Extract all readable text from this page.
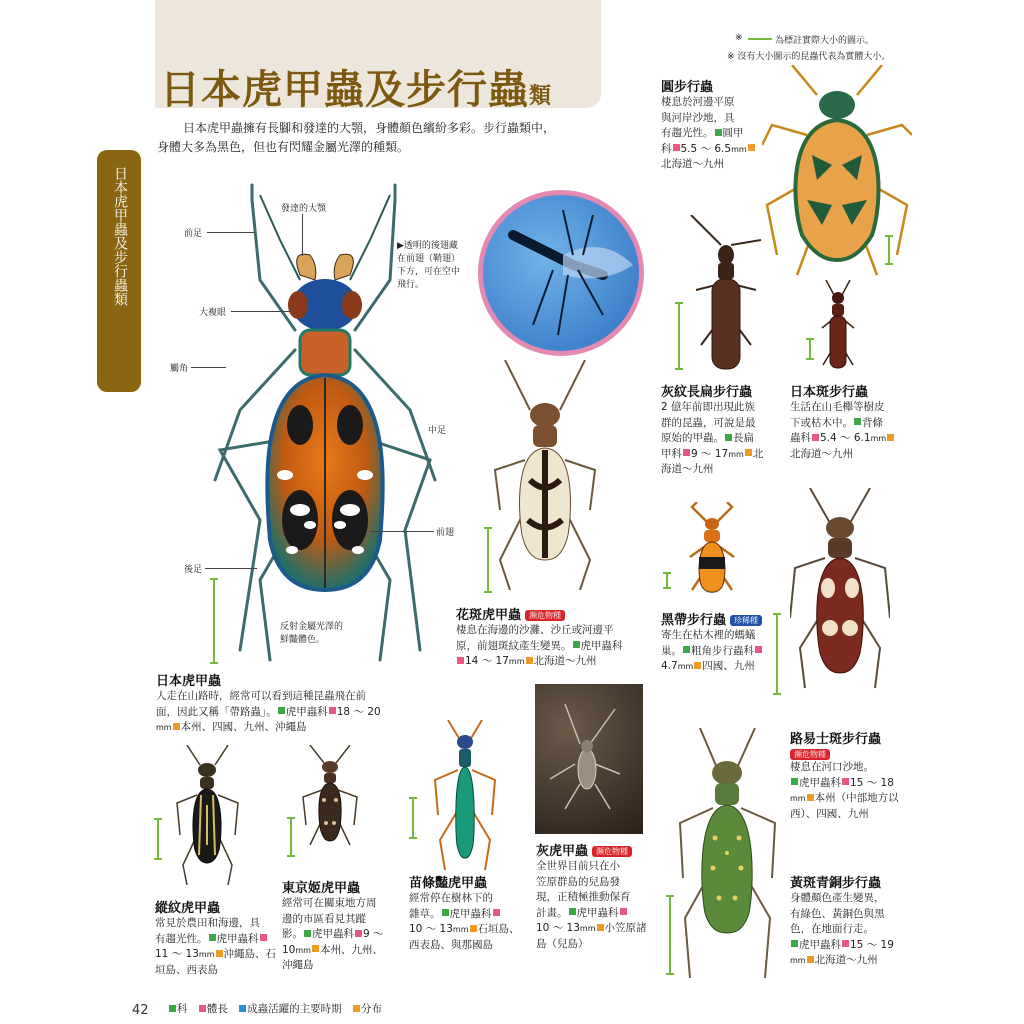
日本虎甲蟲及步行蟲類
日本虎甲蟲擁有長腳和發達的大顎，身體顏色繽紛多彩。步行蟲類中，
身體大多為黑色，但也有閃耀金屬光澤的種類。
日本虎甲蟲及步行蟲類
※	為標註實際大小的圖示。
※ 沒有大小圖示的昆蟲代表為實體大小。
發達的大顎
前足
大複眼
觸角
中足
前翅
後足
反射金屬光澤的
鮮豔體色。
▶透明的後翅藏
在前翅（鞘翅）
下方，可在空中
飛行。
日本虎甲蟲
人走在山路時，經常可以看到這種昆蟲飛在前
面，因此又稱「帶路蟲」。 虎甲蟲科 18 ～ 20
mm 本州、四國、九州、沖繩島
花斑虎甲蟲 瀕危物種
棲息在海邊的沙灘、沙丘或河邊平
原，前翅斑紋產生變異。 虎甲蟲科
14 ～ 17mm 北海道～九州
圓步行蟲
棲息於河邊平原
與河岸沙地，具
有趨光性。 圓甲
科 5.5 ～ 6.5mm
北海道～九州
灰紋長扁步行蟲
2 億年前即出現此族
群的昆蟲，可說是最
原始的甲蟲。 長扁
甲科 9 ～ 17mm 北
海道～九州
日本斑步行蟲
生活在山毛櫸等樹皮
下或枯木中。 背條
蟲科 5.4 ～ 6.1mm
北海道～九州
黑帶步行蟲 珍稀種
寄生在枯木裡的螞蟻
巢。 粗角步行蟲科
4.7mm 四國、九州
路易士斑步行蟲
瀕危物種
棲息在河口沙地。
虎甲蟲科 15 ～ 18
mm 本州（中部地方以
西）、四國、九州
縱紋虎甲蟲
常見於農田和海邊，具
有趨光性。 虎甲蟲科
11 ～ 13mm 沖繩島、石
垣島、西表島
東京姬虎甲蟲
經常可在關東地方周
邊的市區看見其蹤
影。 虎甲蟲科 9 ～
10mm 本州、九州、
沖繩島
苗條豔虎甲蟲
經常停在樹林下的
雜草。 虎甲蟲科
10 ～ 13mm 石垣島、
西表島、與那國島
灰虎甲蟲 瀕危物種
全世界目前只在小
笠原群島的兒島發
現，正積極推動保育
計畫。 虎甲蟲科
10 ～ 13mm 小笠原諸
島（兒島）
黃斑青銅步行蟲
身體顏色產生變異，
有綠色、黃銅色與黑
色，在地面行走。
虎甲蟲科 15 ～ 19
mm 北海道～九州
42	科 體長 成蟲活躍的主要時期 分布
